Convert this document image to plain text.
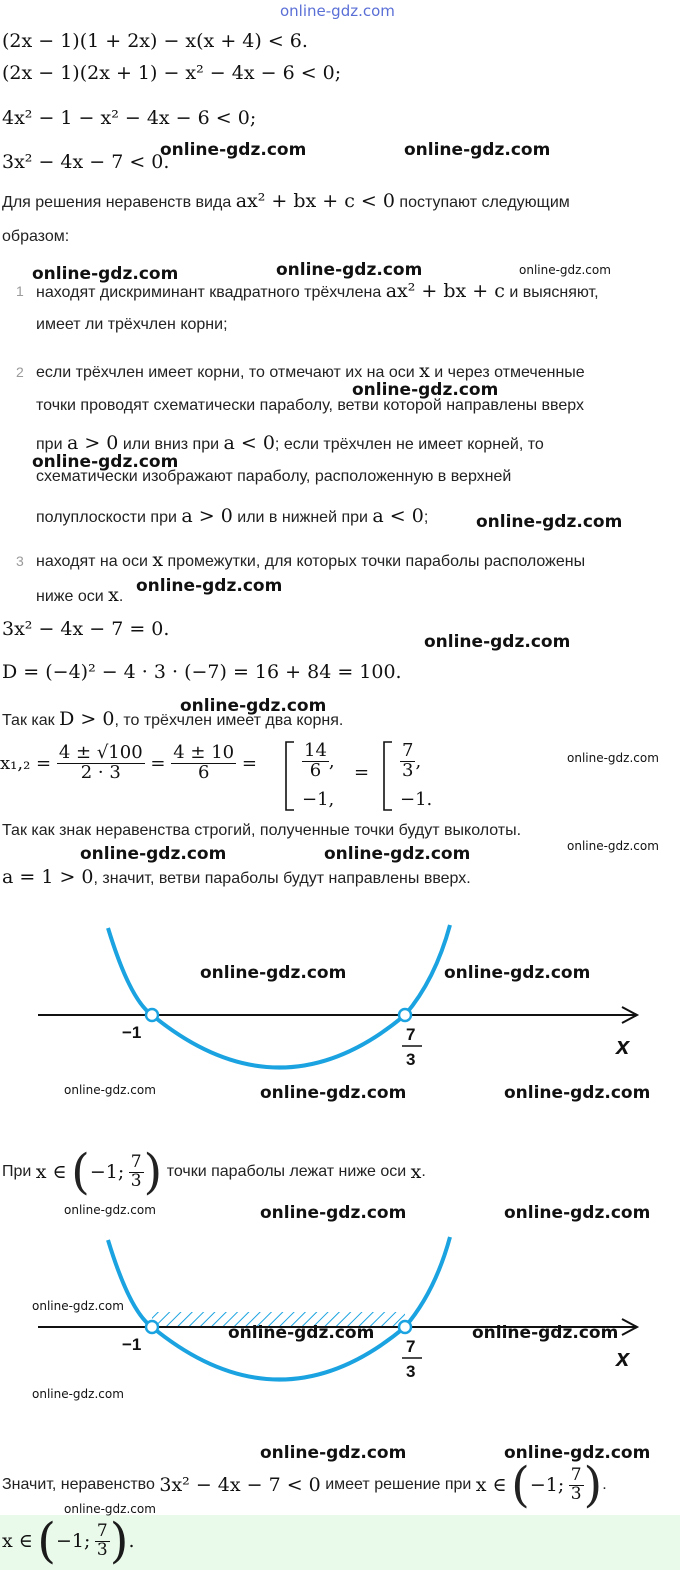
online-gdz.com
(2x − 1)(1 + 2x) − x(x + 4) < 6.
(2x − 1)(2x + 1) − x² − 4x − 6 < 0;
4x² − 1 − x² − 4x − 6 < 0;
3x² − 4x − 7 < 0.
Для решения неравенств вида ax² + bx + c < 0 поступают следующим
образом:
1 находят дискриминант квадратного трёхчлена ax² + bx + c и выясняют,
имеет ли трёхчлен корни;
2 если трёхчлен имеет корни, то отмечают их на оси x и через отмеченные
точки проводят схематически параболу, ветви которой направлены вверх
при a > 0 или вниз при a < 0; если трёхчлен не имеет корней, то
схематически изображают параболу, расположенную в верхней
полуплоскости при a > 0 или в нижней при a < 0;
3 находят на оси x промежутки, для которых точки параболы расположены
ниже оси x.
3x² − 4x − 7 = 0.
D = (−4)² − 4 · 3 · (−7) = 16 + 84 = 100.
Так как D > 0, то трёхчлен имеет два корня.
$x_1,_2 = \frac{4 \pm √100}{2 \cdot 3} = \frac{4 \pm 10}{6}$ =	$\frac{14}{6}$ ,
−1,
= $\frac{7}{3}$ ,
−1.
Так как знак неравенства строгий, полученные точки будут выколоты.
a = 1 > 0, значит, ветви параболы будут направлены вверх.
−1	7
3	x
При x ∈ (−1; $\frac{7}{3}$ ) точки параболы лежат ниже оси x.
−1	7
3	x
Значит, неравенство 3x² − 4x − 7 < 0 имеет решение при x ∈ (−1; $\frac{7}{3}$ ).
x ∈ (−1; $\frac{7}{3}$ ).
online-gdz.com	online-gdz.com
online-gdz.com	online-gdz.com	online-gdz.com
online-gdz.com
online-gdz.com
online-gdz.com
online-gdz.com
online-gdz.com
online-gdz.com
online-gdz.com
online-gdz.com
online-gdz.com	online-gdz.com
online-gdz.com	online-gdz.com
online-gdz.com	online-gdz.com	online-gdz.com
online-gdz.com	online-gdz.com	online-gdz.com
online-gdz.com
online-gdz.com	online-gdz.com
online-gdz.com
online-gdz.com	online-gdz.com
online-gdz.com
